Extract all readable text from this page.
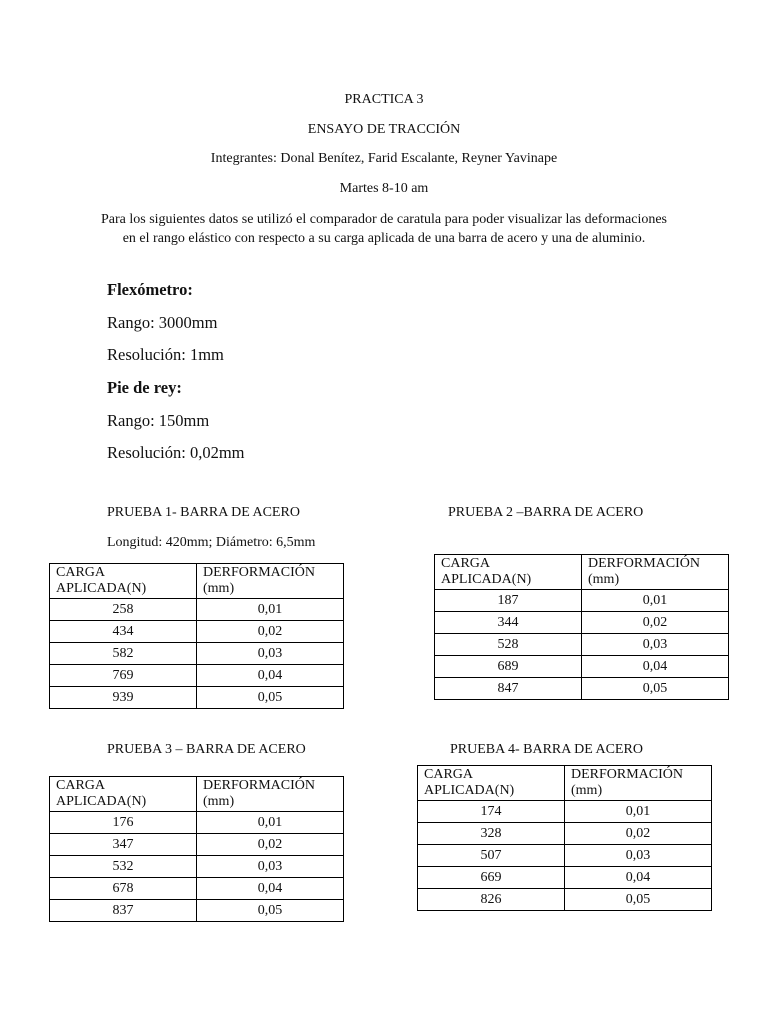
PRACTICA 3
ENSAYO DE TRACCIÓN
Integrantes: Donal Benítez, Farid Escalante, Reyner Yavinape
Martes 8-10 am
Para los siguientes datos se utilizó el comparador de caratula para poder visualizar las deformaciones en el rango elástico con respecto a su carga aplicada de una barra de acero y una de aluminio.
Flexómetro:
Rango: 3000mm
Resolución: 1mm
Pie de rey:
Rango: 150mm
Resolución: 0,02mm
PRUEBA 1- BARRA DE ACERO
Longitud: 420mm; Diámetro: 6,5mm
CARGA APLICADA(N)	DERFORMACIÓN (mm)
258	0,01
434	0,02
582	0,03
769	0,04
939	0,05
PRUEBA 2 –BARRA DE ACERO
CARGA APLICADA(N)	DERFORMACIÓN (mm)
187	0,01
344	0,02
528	0,03
689	0,04
847	0,05
PRUEBA 3 – BARRA DE ACERO
CARGA APLICADA(N)	DERFORMACIÓN (mm)
176	0,01
347	0,02
532	0,03
678	0,04
837	0,05
PRUEBA 4- BARRA DE ACERO
CARGA APLICADA(N)	DERFORMACIÓN (mm)
174	0,01
328	0,02
507	0,03
669	0,04
826	0,05
